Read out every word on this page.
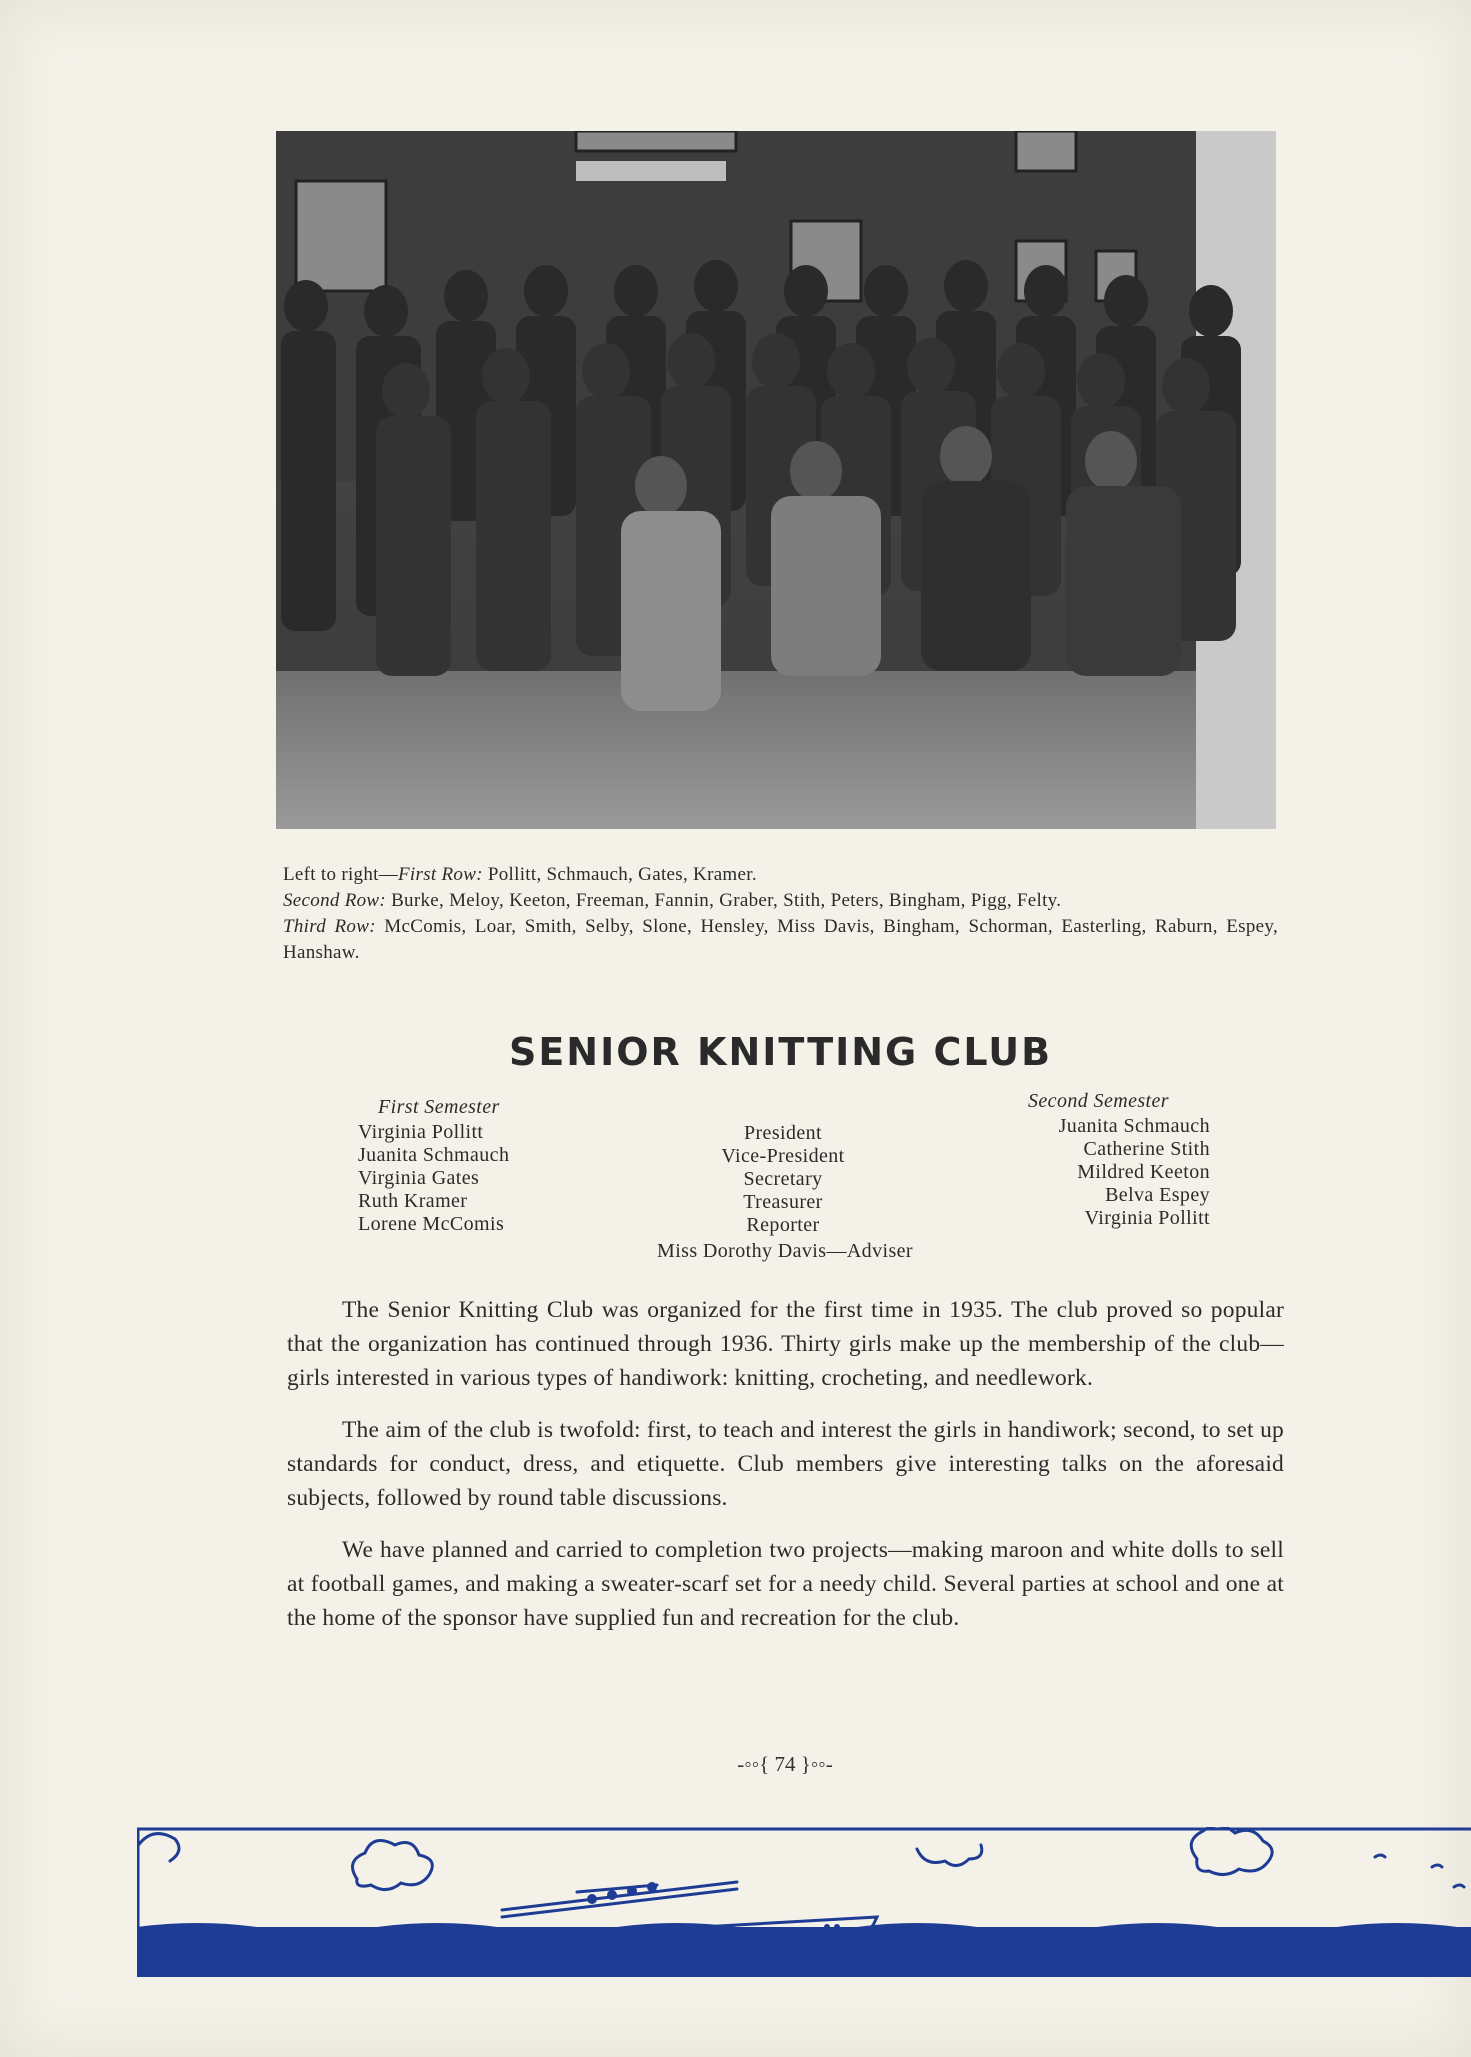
Left to right—First Row: Pollitt, Schmauch, Gates, Kramer.

Second Row: Burke, Meloy, Keeton, Freeman, Fannin, Graber, Stith, Peters, Bingham, Pigg, Felty.

Third Row: McComis, Loar, Smith, Selby, Slone, Hensley, Miss Davis, Bingham, Schorman, Easterling, Raburn, Espey, Hanshaw.

SENIOR KNITTING CLUB
First Semester
Virginia Pollitt
Juanita Schmauch
Virginia Gates
Ruth Kramer
Lorene McComis
President
Vice-President
Secretary
Treasurer
Reporter
Second Semester
Juanita Schmauch
Catherine Stith
Mildred Keeton
Belva Espey
Virginia Pollitt
Miss Dorothy Davis—Adviser

The Senior Knitting Club was organized for the first time in 1935. The club proved so popular that the organization has continued through 1936. Thirty girls make up the membership of the club—girls interested in various types of handiwork: knitting, crocheting, and needlework.

The aim of the club is twofold: first, to teach and interest the girls in handiwork; second, to set up standards for conduct, dress, and etiquette. Club members give interesting talks on the aforesaid subjects, followed by round table discussions.

We have planned and carried to completion two projects—making maroon and white dolls to sell at football games, and making a sweater-scarf set for a needy child. Several parties at school and one at the home of the sponsor have supplied fun and recreation for the club.

-◦◦{ 74 }◦◦-
